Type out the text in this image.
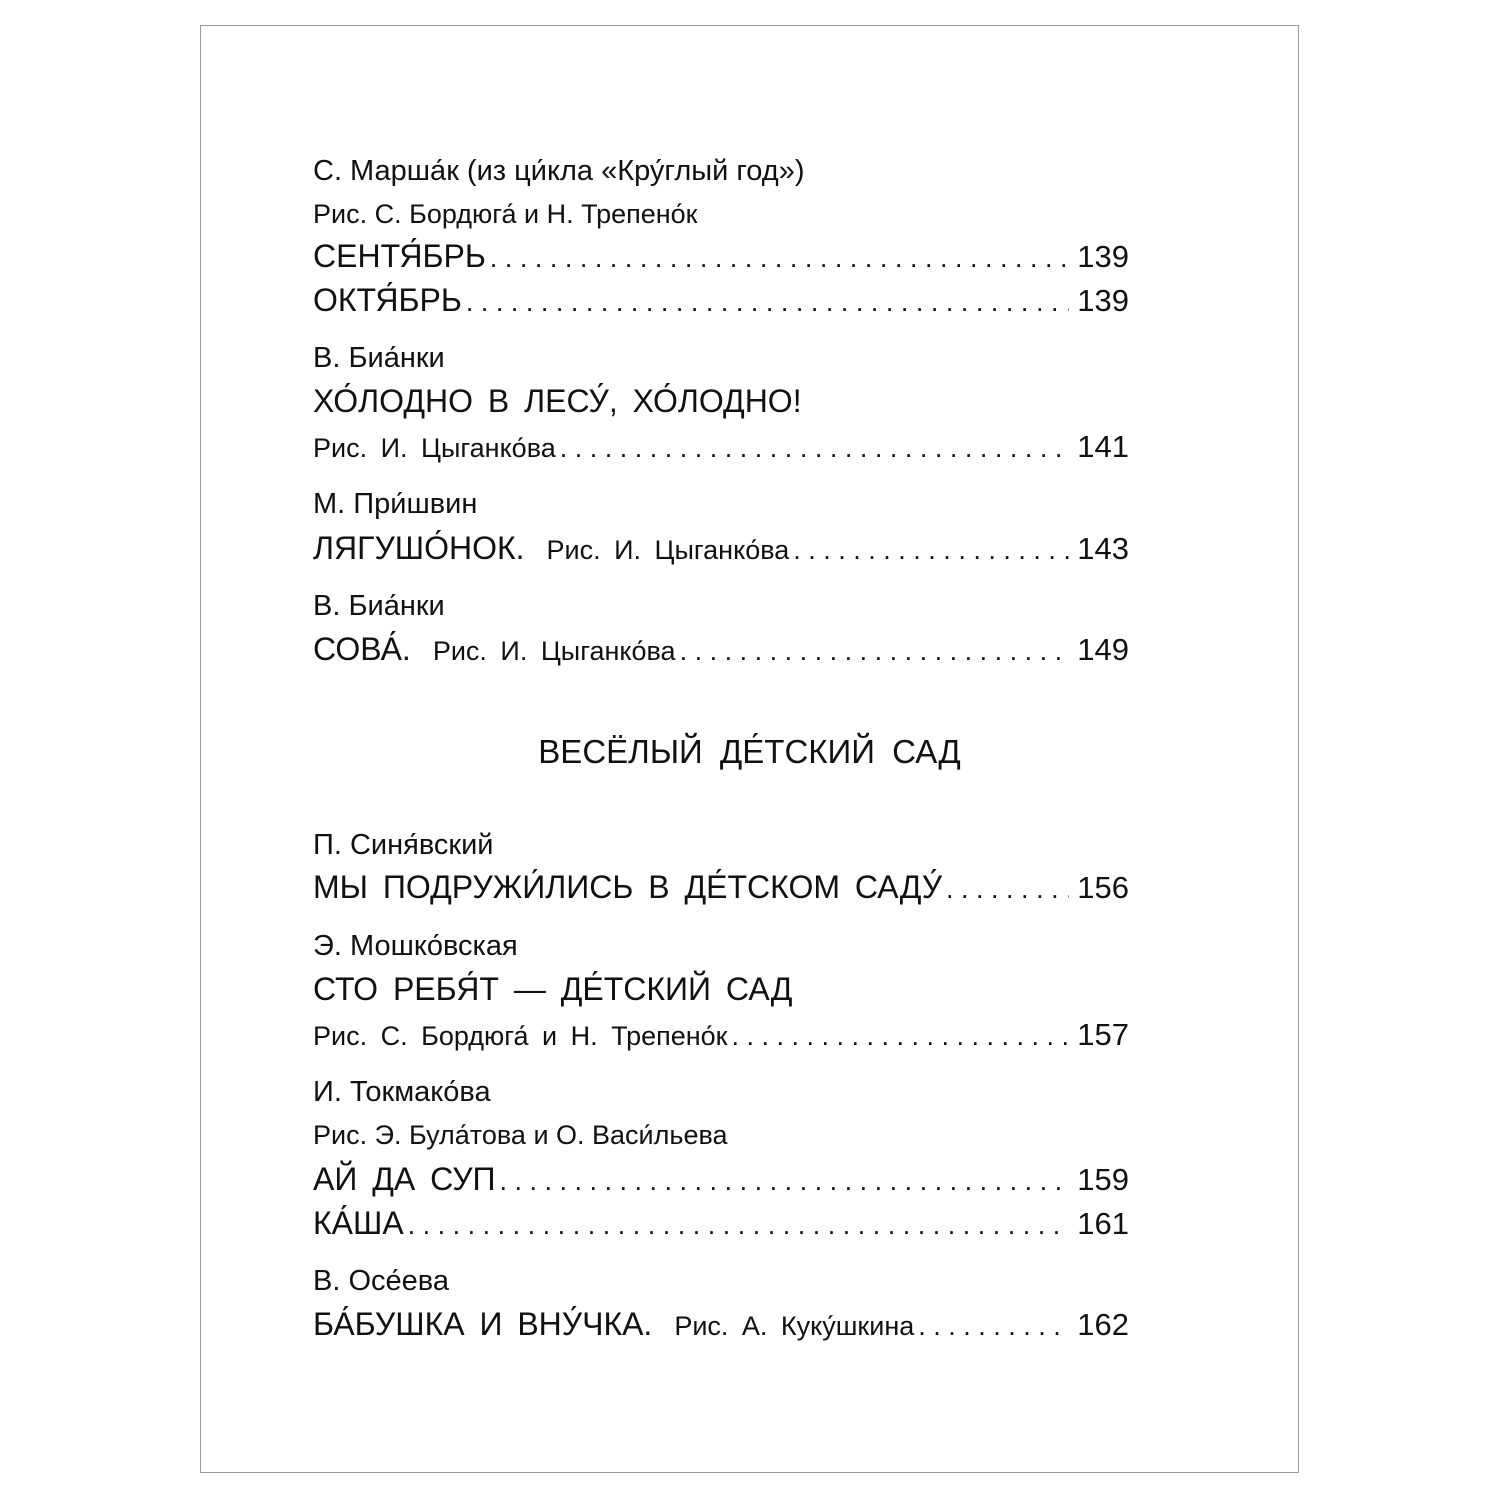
С. Марша́к (из ци́кла «Кру́глый год»)
Рис. С. Бордюга́ и Н. Трепено́к
СЕНТЯ́БРЬ . . .	139
ОКТЯ́БРЬ . . .	139
В. Биа́нки
ХО́ЛОДНО В ЛЕСУ́, ХО́ЛОДНО!
Рис. И. Цыганко́ва . . .	141
М. При́швин
ЛЯГУШО́НОК. Рис. И. Цыганко́ва . . .	143
В. Биа́нки
СОВА́. Рис. И. Цыганко́ва . . .	149
П. Синя́вский
МЫ ПОДРУЖИ́ЛИСЬ В ДЕ́ТСКОМ САДУ́ . . .	156
Э. Мошко́вская
СТО РЕБЯ́Т — ДЕ́ТСКИЙ САД
Рис. С. Бордюга́ и Н. Трепено́к . . .	157
И. Токмако́ва
Рис. Э. Була́това и О. Васи́льева
АЙ ДА СУП . . .	159
КА́ША . . .	161
В. Осе́ева
БА́БУШКА И ВНУ́ЧКА. Рис. А. Куку́шкина . . .	162
ВЕСЁЛЫЙ ДЕ́ТСКИЙ САД
